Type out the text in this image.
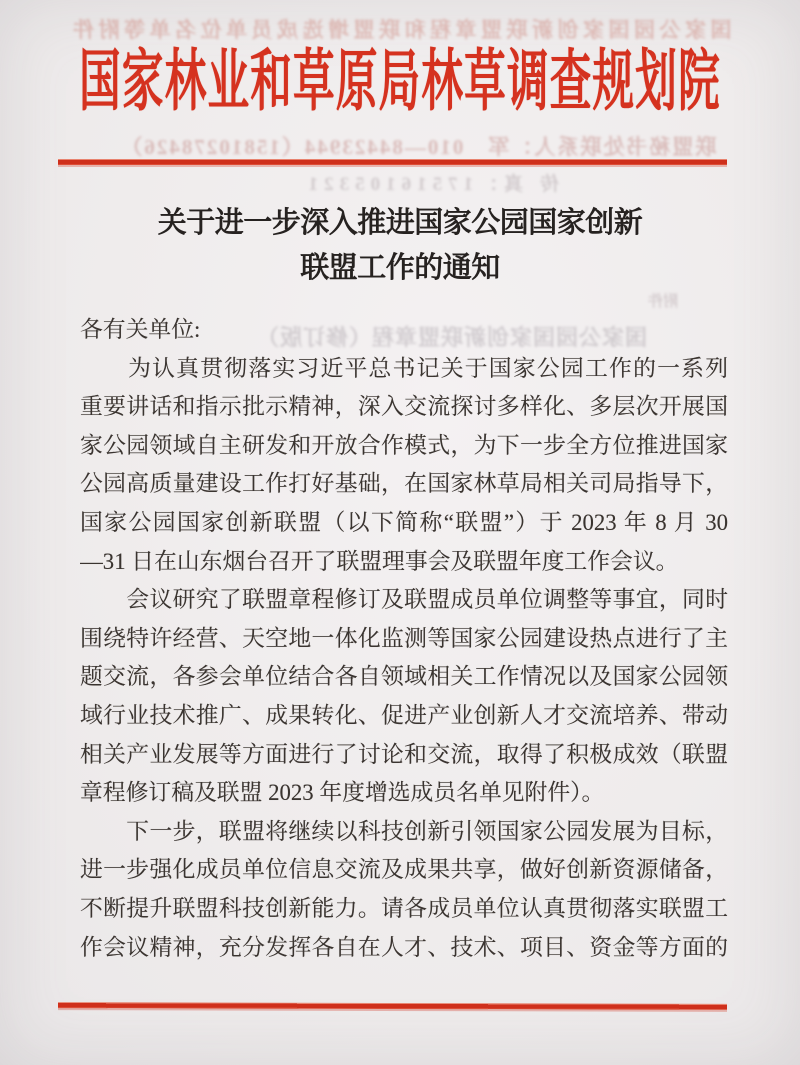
国家公园国家创新联盟章程和联盟增选成员单位名单等附件
国家林业和草原局林草调查规划院
联盟秘书处联系人：军　010—84423944（15810278426）
传 真：17516105321
关于进一步深入推进国家公园国家创新
联盟工作的通知
附件
国家公园国家创新联盟章程（修订版）
各有关单位:
　　为认真贯彻落实习近平总书记关于国家公园工作的一系列
重要讲话和指示批示精神，深入交流探讨多样化、多层次开展国
家公园领域自主研发和开放合作模式，为下一步全方位推进国家
公园高质量建设工作打好基础，在国家林草局相关司局指导下，
国家公园国家创新联盟（以下简称“联盟”）于 2023 年 8 月 30
—31 日在山东烟台召开了联盟理事会及联盟年度工作会议。
　　会议研究了联盟章程修订及联盟成员单位调整等事宜，同时
围绕特许经营、天空地一体化监测等国家公园建设热点进行了主
题交流，各参会单位结合各自领域相关工作情况以及国家公园领
域行业技术推广、成果转化、促进产业创新人才交流培养、带动
相关产业发展等方面进行了讨论和交流，取得了积极成效（联盟
章程修订稿及联盟 2023 年度增选成员名单见附件）。
　　下一步，联盟将继续以科技创新引领国家公园发展为目标，
进一步强化成员单位信息交流及成果共享，做好创新资源储备，
不断提升联盟科技创新能力。请各成员单位认真贯彻落实联盟工
作会议精神，充分发挥各自在人才、技术、项目、资金等方面的
